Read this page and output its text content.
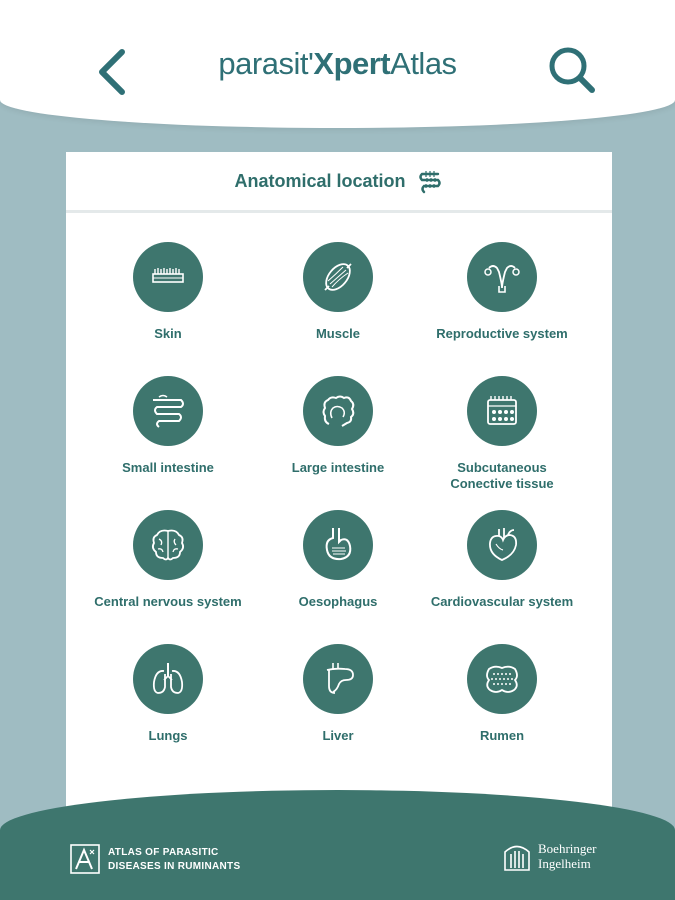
parasit'XpertAtlas
Anatomical location
Skin	Muscle	Reproductive system
Small intestine	Large intestine	Subcutaneous Conective tissue
Central nervous system	Oesophagus	Cardiovascular system
Lungs	Liver	Rumen
ATLAS OF PARASITIC
DISEASES IN RUMINANTS
Boehringer
Ingelheim
